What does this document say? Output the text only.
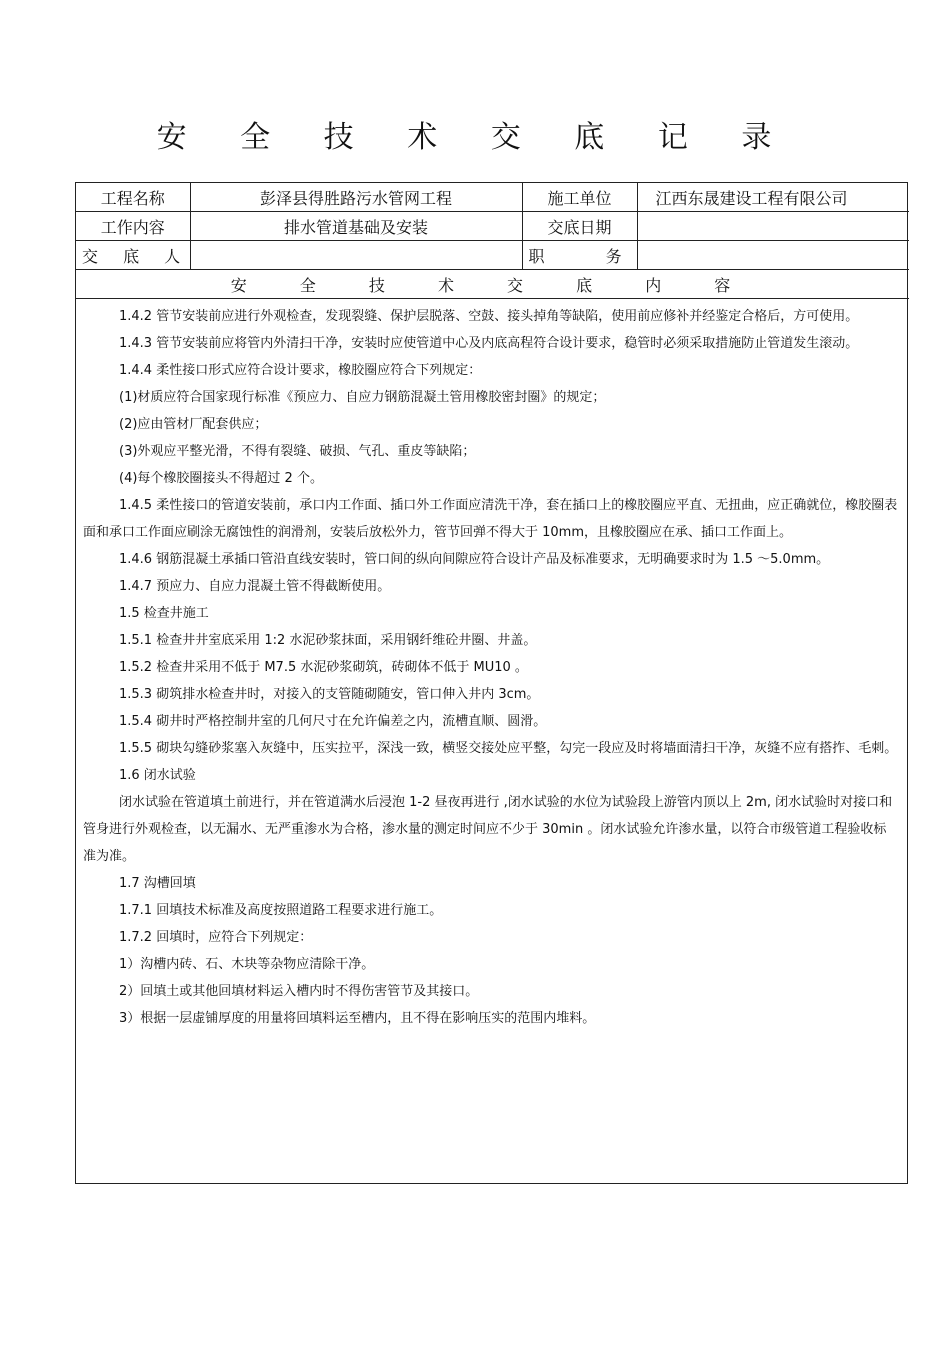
安 全 技 术 交 底 记 录
工程名称	彭泽县得胜路污水管网工程	施工单位	江西东晟建设工程有限公司
工作内容	排水管道基础及安装	交底日期	
交 底 人		职 务	
安 全 技 术 交 底 内 容			

1.4.2 管节安装前应进行外观检查，发现裂缝、保护层脱落、空鼓、接头掉角等缺陷，使用前应修补并经鉴定合格后，方可使用。

1.4.3 管节安装前应将管内外清扫干净，安装时应使管道中心及内底高程符合设计要求，稳管时必须采取措施防止管道发生滚动。

1.4.4 柔性接口形式应符合设计要求，橡胶圈应符合下列规定：

(1)材质应符合国家现行标准《预应力、自应力钢筋混凝土管用橡胶密封圈》的规定；

(2)应由管材厂配套供应；

(3)外观应平整光滑，不得有裂缝、破损、气孔、重皮等缺陷；

(4)每个橡胶圈接头不得超过 2 个。

1.4.5 柔性接口的管道安装前，承口内工作面、插口外工作面应清洗干净，套在插口上的橡胶圈应平直、无扭曲，应正确就位，橡胶圈表面和承口工作面应刷涂无腐蚀性的润滑剂，安装后放松外力，管节回弹不得大于 10mm，且橡胶圈应在承、插口工作面上。

1.4.6 钢筋混凝土承插口管沿直线安装时，管口间的纵向间隙应符合设计产品及标准要求，无明确要求时为 1.5 ～5.0mm。

1.4.7 预应力、自应力混凝土管不得截断使用。

1.5 检查井施工

1.5.1 检查井井室底采用 1:2 水泥砂浆抹面，采用钢纤维砼井圈、井盖。

1.5.2 检查井采用不低于 M7.5 水泥砂浆砌筑，砖砌体不低于 MU10 。

1.5.3 砌筑排水检查井时，对接入的支管随砌随安，管口伸入井内 3cm。

1.5.4 砌井时严格控制井室的几何尺寸在允许偏差之内，流槽直顺、圆滑。

1.5.5 砌块勾缝砂浆塞入灰缝中，压实拉平，深浅一致，横竖交接处应平整，勾完一段应及时将墙面清扫干净，灰缝不应有搭拃、毛刺。

1.6 闭水试验

闭水试验在管道填土前进行，并在管道满水后浸泡 1-2 昼夜再进行 ,闭水试验的水位为试验段上游管内顶以上 2m, 闭水试验时对接口和管身进行外观检查，以无漏水、无严重渗水为合格，渗水量的测定时间应不少于 30min 。闭水试验允许渗水量，以符合市级管道工程验收标准为准。

1.7 沟槽回填

1.7.1 回填技术标准及高度按照道路工程要求进行施工。

1.7.2 回填时，应符合下列规定：

1）沟槽内砖、石、木块等杂物应清除干净。

2）回填土或其他回填材料运入槽内时不得伤害管节及其接口。

3）根据一层虚铺厚度的用量将回填料运至槽内，且不得在影响压实的范围内堆料。
